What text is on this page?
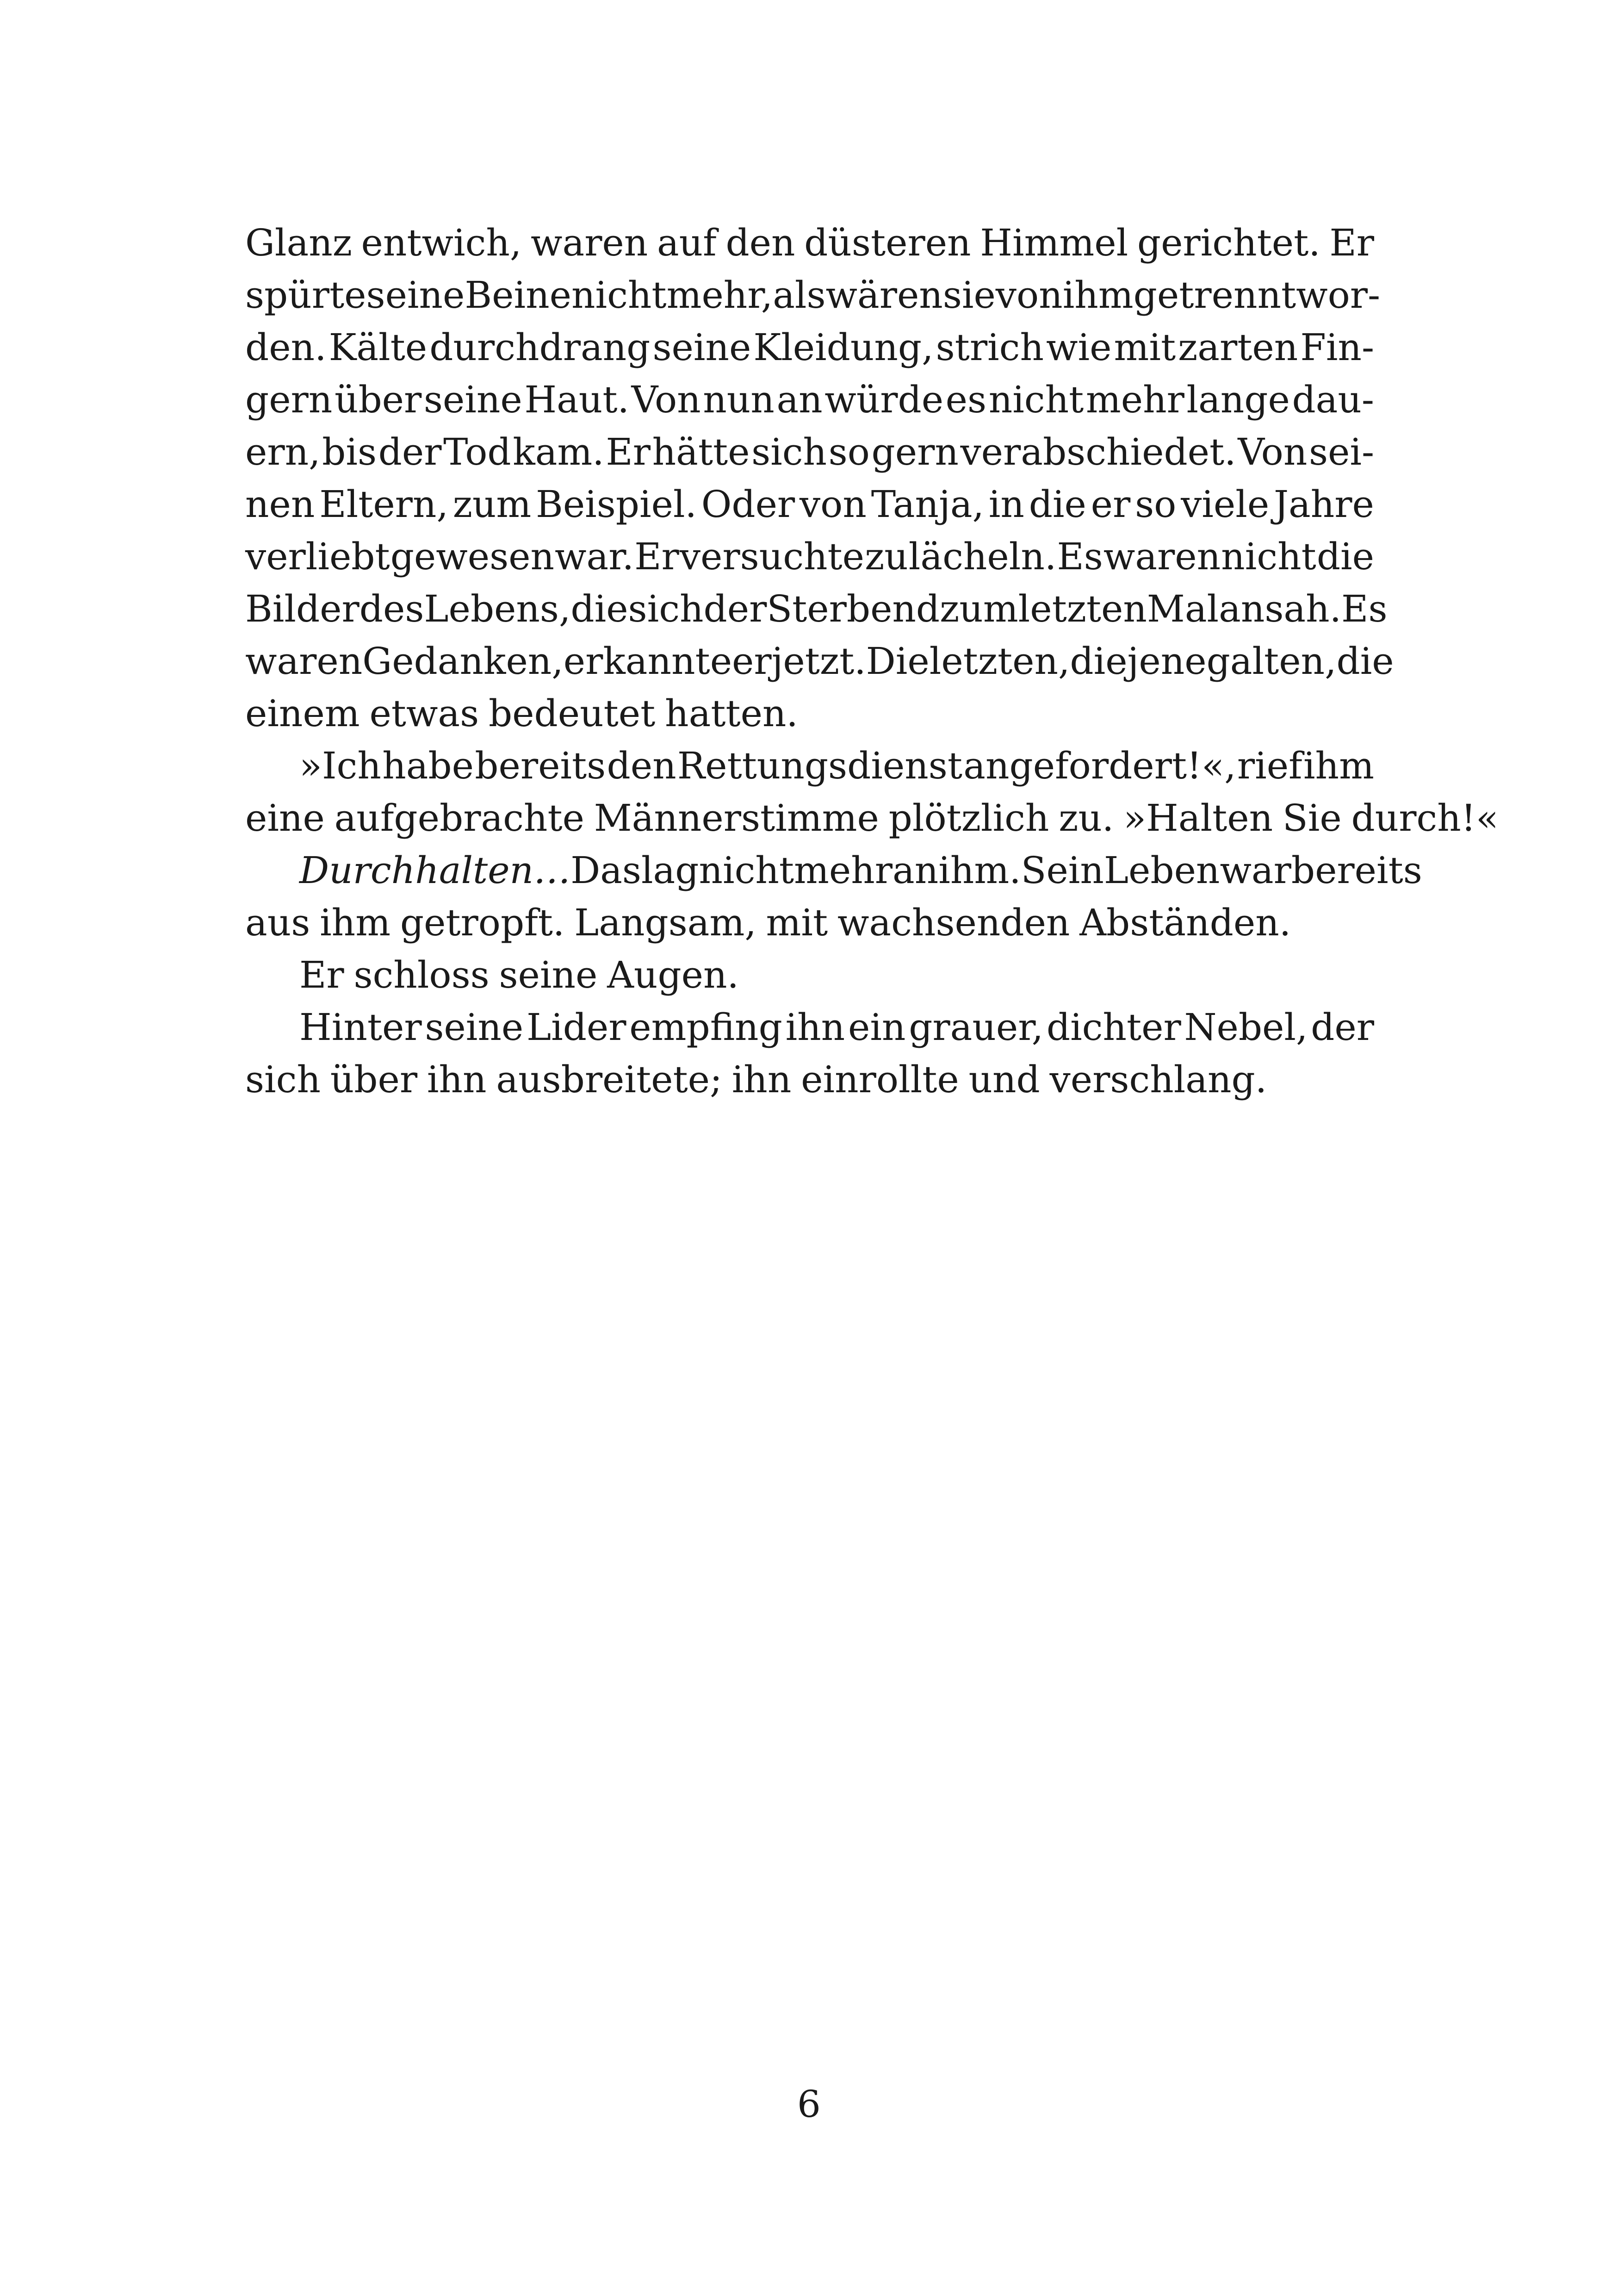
Glanz entwich, waren auf den düsteren Himmel gerichtet. Er
spürte seine Beine nicht mehr, als wären sie von ihm getrennt wor-
den. Kälte durchdrang seine Kleidung, strich wie mit zarten Fin-
gern über seine Haut. Von nun an würde es nicht mehr lange dau-
ern, bis der Tod kam. Er hätte sich so gern verabschiedet. Von sei-
nen Eltern, zum Beispiel. Oder von Tanja, in die er so viele Jahre
verliebt gewesen war. Er versuchte zu lächeln. Es waren nicht die
Bilder des Lebens, die sich der Sterbend zum letzten Mal ansah. Es
waren Gedanken, erkannte er jetzt. Die letzten, die jene galten, die
einem etwas bedeutet hatten.
»Ich habe bereits den Rettungsdienst angefordert!«, rief ihm
eine aufgebrachte Männerstimme plötzlich zu. »Halten Sie durch!«
Durchhalten… Das lag nicht mehr an ihm. Sein Leben war bereits
aus ihm getropft. Langsam, mit wachsenden Abständen.
Er schloss seine Augen.
Hinter seine Lider empfing ihn ein grauer, dichter Nebel, der
sich über ihn ausbreitete; ihn einrollte und verschlang.
6
